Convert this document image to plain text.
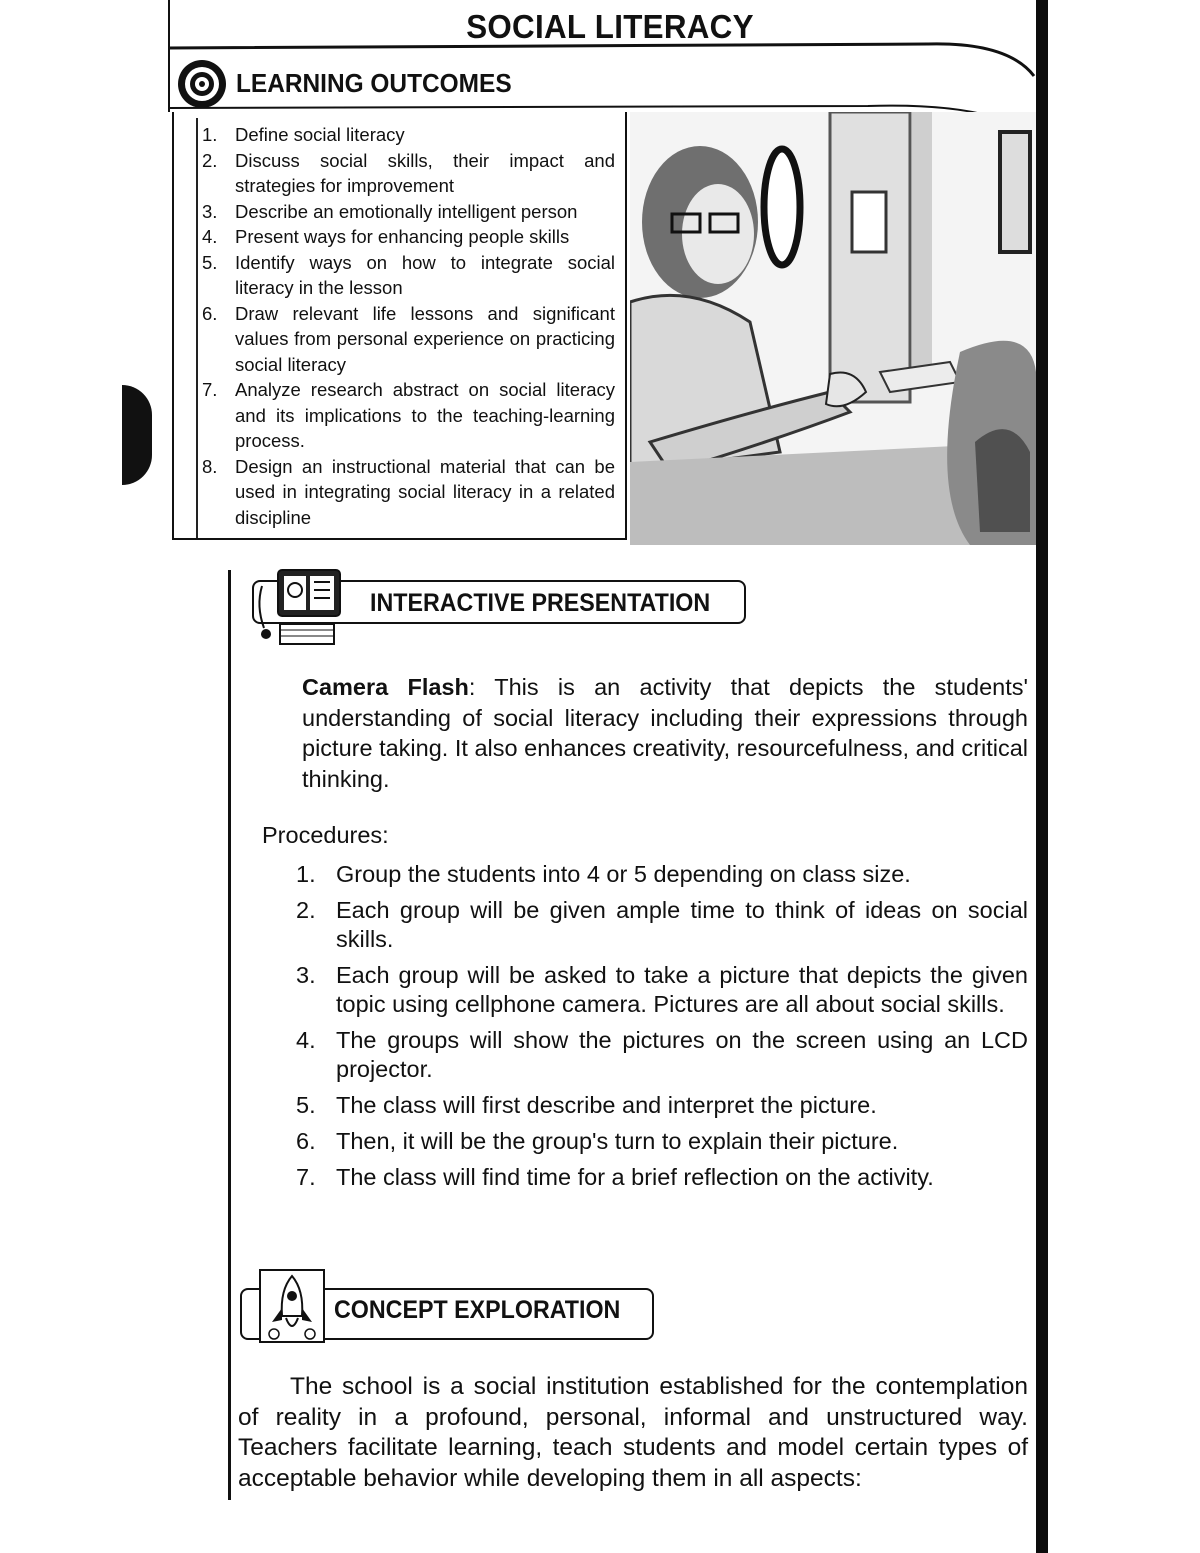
SOCIAL LITERACY
LEARNING OUTCOMES
1. Define social literacy
2. Discuss social skills, their impact and strategies for improvement
3. Describe an emotionally intelligent person
4. Present ways for enhancing people skills
5. Identify ways on how to integrate social literacy in the lesson
6. Draw relevant life lessons and significant values from personal experience on practicing social literacy
7. Analyze research abstract on social literacy and its implications to the teaching-learning process.
8. Design an instructional material that can be used in integrating social literacy in a related discipline
INTERACTIVE PRESENTATION
Camera Flash: This is an activity that depicts the students' understanding of social literacy including their expressions through picture taking. It also enhances creativity, resourcefulness, and critical thinking.
Procedures:
1. Group the students into 4 or 5 depending on class size.
2. Each group will be given ample time to think of ideas on social skills.
3. Each group will be asked to take a picture that depicts the given topic using cellphone camera. Pictures are all about social skills.
4. The groups will show the pictures on the screen using an LCD projector.
5. The class will first describe and interpret the picture.
6. Then, it will be the group's turn to explain their picture.
7. The class will find time for a brief reflection on the activity.
CONCEPT EXPLORATION

The school is a social institution established for the contemplation of reality in a profound, personal, informal and unstructured way. Teachers facilitate learning, teach students and model certain types of acceptable behavior while developing them in all aspects:
